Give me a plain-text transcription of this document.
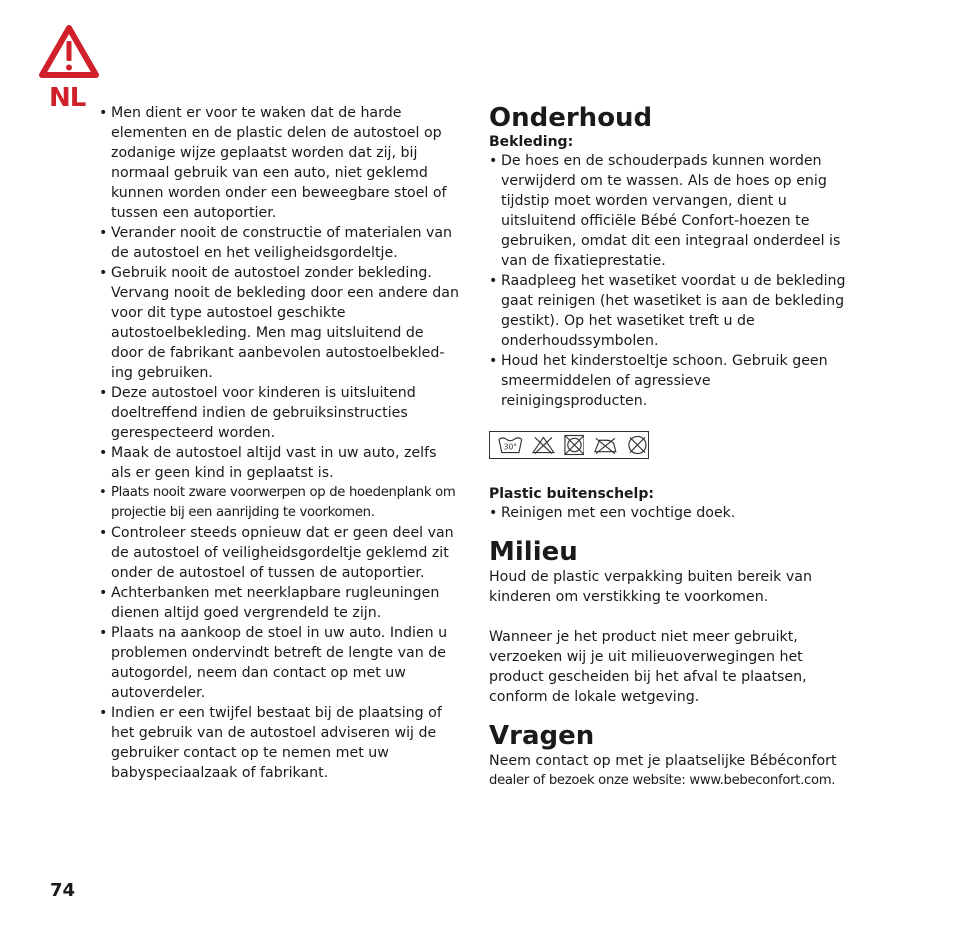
NL
•	Men dient er voor te waken dat de harde elementen en de plastic delen de autostoel op zodanige wijze geplaatst worden dat zij, bij normaal gebruik van een auto, niet geklemd kunnen worden onder een beweegbare stoel of tussen een autoportier.
• Verander nooit de constructie of materialen van de autostoel en het veiligheidsgordeltje.
• Gebruik nooit de autostoel zonder bekleding. Vervang nooit de bekleding door een andere dan voor dit type autostoel geschikte autostoelbekleding. Men mag uitsluitend de door de fabrikant aanbevolen autostoelbekled-ing gebruiken.
• Deze autostoel voor kinderen is uitsluitend doeltreffend indien de gebruiksinstructies gerespecteerd worden.
• Maak de autostoel altijd vast in uw auto, zelfs als er geen kind in geplaatst is.
• Plaats nooit zware voorwerpen op de hoedenplank om projectie bij een aanrijding te voorkomen.
• Controleer steeds opnieuw dat er geen deel van de autostoel of veiligheidsgordeltje geklemd zit onder de autostoel of tussen de autoportier.
• Achterbanken met neerklapbare rugleuningen dienen altijd goed vergrendeld te zijn.
• Plaats na aankoop de stoel in uw auto. Indien u problemen ondervindt betreft de lengte van de autogordel, neem dan contact op met uw autoverdeler.
• Indien er een twijfel bestaat bij de plaatsing of het gebruik van de autostoel adviseren wij de gebruiker contact op te nemen met uw babyspeciaalzaak of fabrikant.
Onderhoud
Bekleding:
• De hoes en de schouderpads kunnen worden verwijderd om te wassen. Als de hoes op enig tijdstip moet worden vervangen, dient u uitsluitend officiële Bébé Confort-hoezen te gebruiken, omdat dit een integraal onderdeel is van de fixatieprestatie.
• Raadpleeg het wasetiket voordat u de bekleding gaat reinigen (het wasetiket is aan de bekleding gestikt). Op het wasetiket treft u de onderhoudssymbolen.
• Houd het kinderstoeltje schoon. Gebruik geen smeermiddelen of agressieve reinigingsproducten.
30°
Plastic buitenschelp:
• Reinigen met een vochtige doek.
Milieu

Houd de plastic verpakking buiten bereik van kinderen om verstikking te voorkomen.

Wanneer je het product niet meer gebruikt, verzoeken wij je uit milieuoverwegingen het product gescheiden bij het afval te plaatsen, conform de lokale wetgeving.

Vragen

Neem contact op met je plaatselijke Bébéconfort

dealer of bezoek onze website: www.bebeconfort.com.

74
